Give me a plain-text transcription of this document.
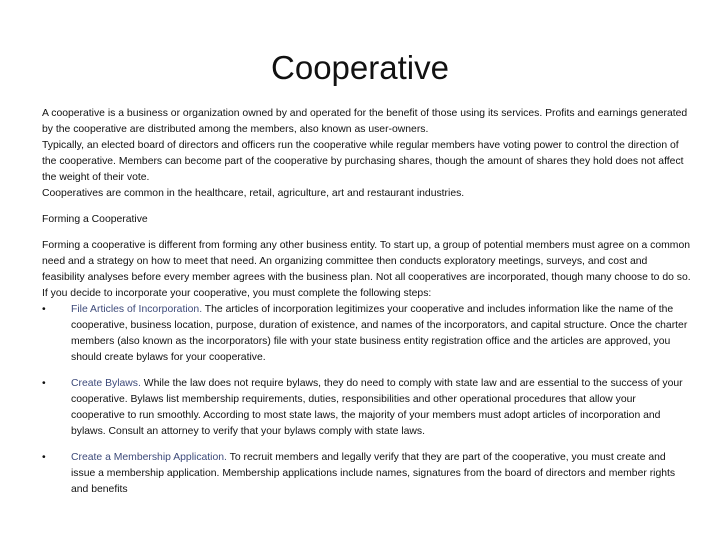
Cooperative

A cooperative is a business or organization owned by and operated for the benefit of those using its services. Profits and earnings generated by the cooperative are distributed among the members, also known as user-owners.

Typically, an elected board of directors and officers run the cooperative while regular members have voting power to control the direction of the cooperative. Members can become part of the cooperative by purchasing shares, though the amount of shares they hold does not affect the weight of their vote.

Cooperatives are common in the healthcare, retail, agriculture, art and restaurant industries.

Forming a Cooperative

Forming a cooperative is different from forming any other business entity. To start up, a group of potential members must agree on a common need and a strategy on how to meet that need. An organizing committee then conducts exploratory meetings, surveys, and cost and feasibility analyses before every member agrees with the business plan. Not all cooperatives are incorporated, though many choose to do so. If you decide to incorporate your cooperative, you must complete the following steps:

•	File Articles of Incorporation. The articles of incorporation legitimizes your cooperative and includes information like the name of the cooperative, business location, purpose, duration of existence, and names of the incorporators, and capital structure. Once the charter members (also known as the incorporators) file with your state business entity registration office and the articles are approved, you should create bylaws for your cooperative.
•	Create Bylaws. While the law does not require bylaws, they do need to comply with state law and are essential to the success of your cooperative. Bylaws list membership requirements, duties, responsibilities and other operational procedures that allow your cooperative to run smoothly. According to most state laws, the majority of your members must adopt articles of incorporation and bylaws. Consult an attorney to verify that your bylaws comply with state laws.
•	Create a Membership Application. To recruit members and legally verify that they are part of the cooperative, you must create and issue a membership application. Membership applications include names, signatures from the board of directors and member rights and benefits
